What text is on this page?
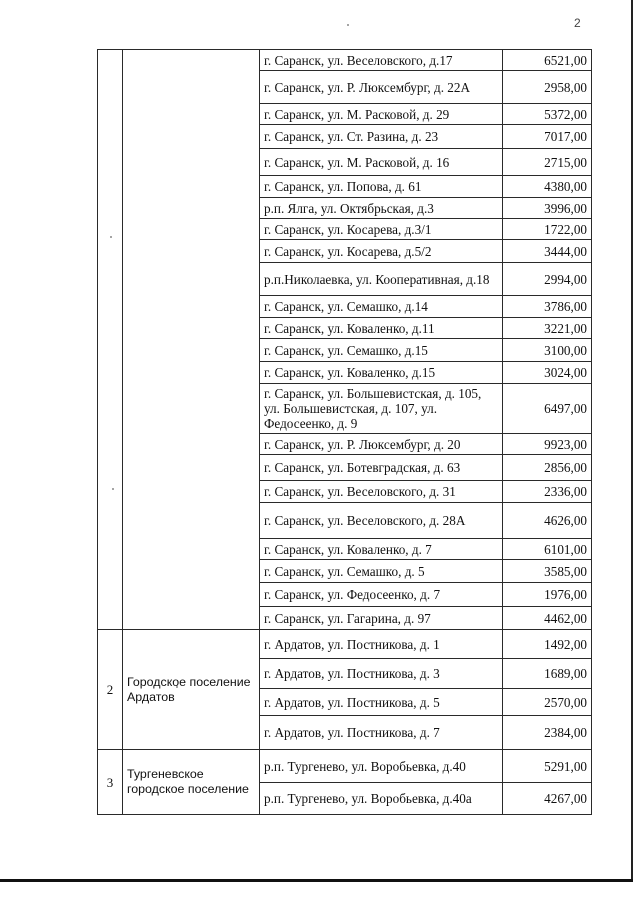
2
		г. Саранск, ул. Веселовского, д.17	6521,00
		г. Саранск, ул. Р. Люксембург, д. 22А	2958,00
		г. Саранск, ул. М. Расковой, д. 29	5372,00
		г. Саранск, ул. Ст. Разина, д. 23	7017,00
		г. Саранск, ул. М. Расковой, д. 16	2715,00
		г. Саранск, ул. Попова, д. 61	4380,00
		р.п. Ялга, ул. Октябрьская, д.3	3996,00
		г. Саранск, ул. Косарева, д.3/1	1722,00
		г. Саранск, ул. Косарева, д.5/2	3444,00
		р.п.Николаевка, ул. Кооперативная, д.18	2994,00
		г. Саранск, ул. Семашко, д.14	3786,00
		г. Саранск, ул. Коваленко, д.11	3221,00
		г. Саранск, ул. Семашко, д.15	3100,00
		г. Саранск, ул. Коваленко, д.15	3024,00
		г. Саранск, ул. Большевистская, д. 105, ул. Большевистская, д. 107, ул. Федосеенко, д. 9	6497,00
		г. Саранск, ул. Р. Люксембург, д. 20	9923,00
		г. Саранск, ул. Ботевградская, д. 63	2856,00
		г. Саранск, ул. Веселовского, д. 31	2336,00
		г. Саранск, ул. Веселовского, д. 28А	4626,00
		г. Саранск, ул. Коваленко, д. 7	6101,00
		г. Саранск, ул. Семашко, д. 5	3585,00
		г. Саранск, ул. Федосеенко, д. 7	1976,00
		г. Саранск, ул. Гагарина, д. 97	4462,00
2	Городское поселение Ардатов	г. Ардатов, ул. Постникова, д. 1	1492,00
		г. Ардатов, ул. Постникова, д. 3	1689,00
		г. Ардатов, ул. Постникова, д. 5	2570,00
		г. Ардатов, ул. Постникова, д. 7	2384,00
3	Тургеневское городское поселение	р.п. Тургенево, ул. Воробьевка, д.40	5291,00
		р.п. Тургенево, ул. Воробьевка, д.40а	4267,00
